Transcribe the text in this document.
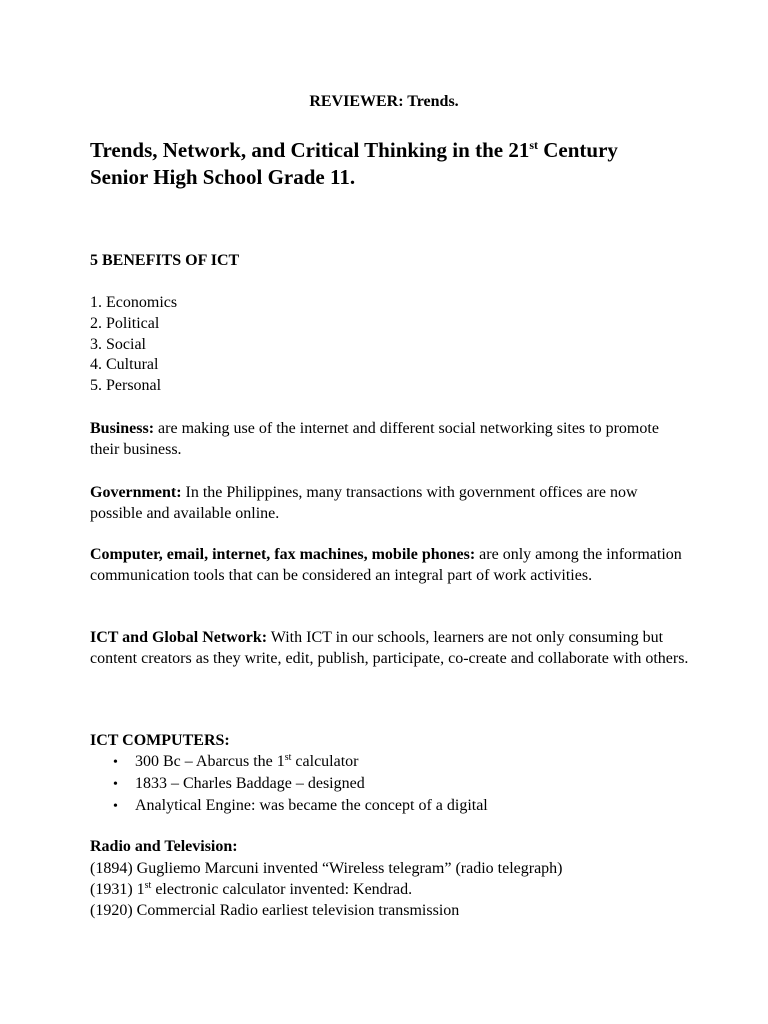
REVIEWER: Trends.
Trends, Network, and Critical Thinking in the 21st Century
Senior High School Grade 11.
5 BENEFITS OF ICT
1. Economics
2. Political
3. Social
4. Cultural
5. Personal
Business: are making use of the internet and different social networking sites to promote their business.
Government: In the Philippines, many transactions with government offices are now possible and available online.
Computer, email, internet, fax machines, mobile phones: are only among the information communication tools that can be considered an integral part of work activities.
ICT and Global Network: With ICT in our schools, learners are not only consuming but content creators as they write, edit, publish, participate, co-create and collaborate with others.
ICT COMPUTERS:
• 300 Bc – Abarcus the 1st calculator
• 1833 – Charles Baddage – designed
• Analytical Engine: was became the concept of a digital
Radio and Television:
(1894) Gugliemo Marcuni invented “Wireless telegram” (radio telegraph)
(1931) 1st electronic calculator invented: Kendrad.
(1920) Commercial Radio earliest television transmission
